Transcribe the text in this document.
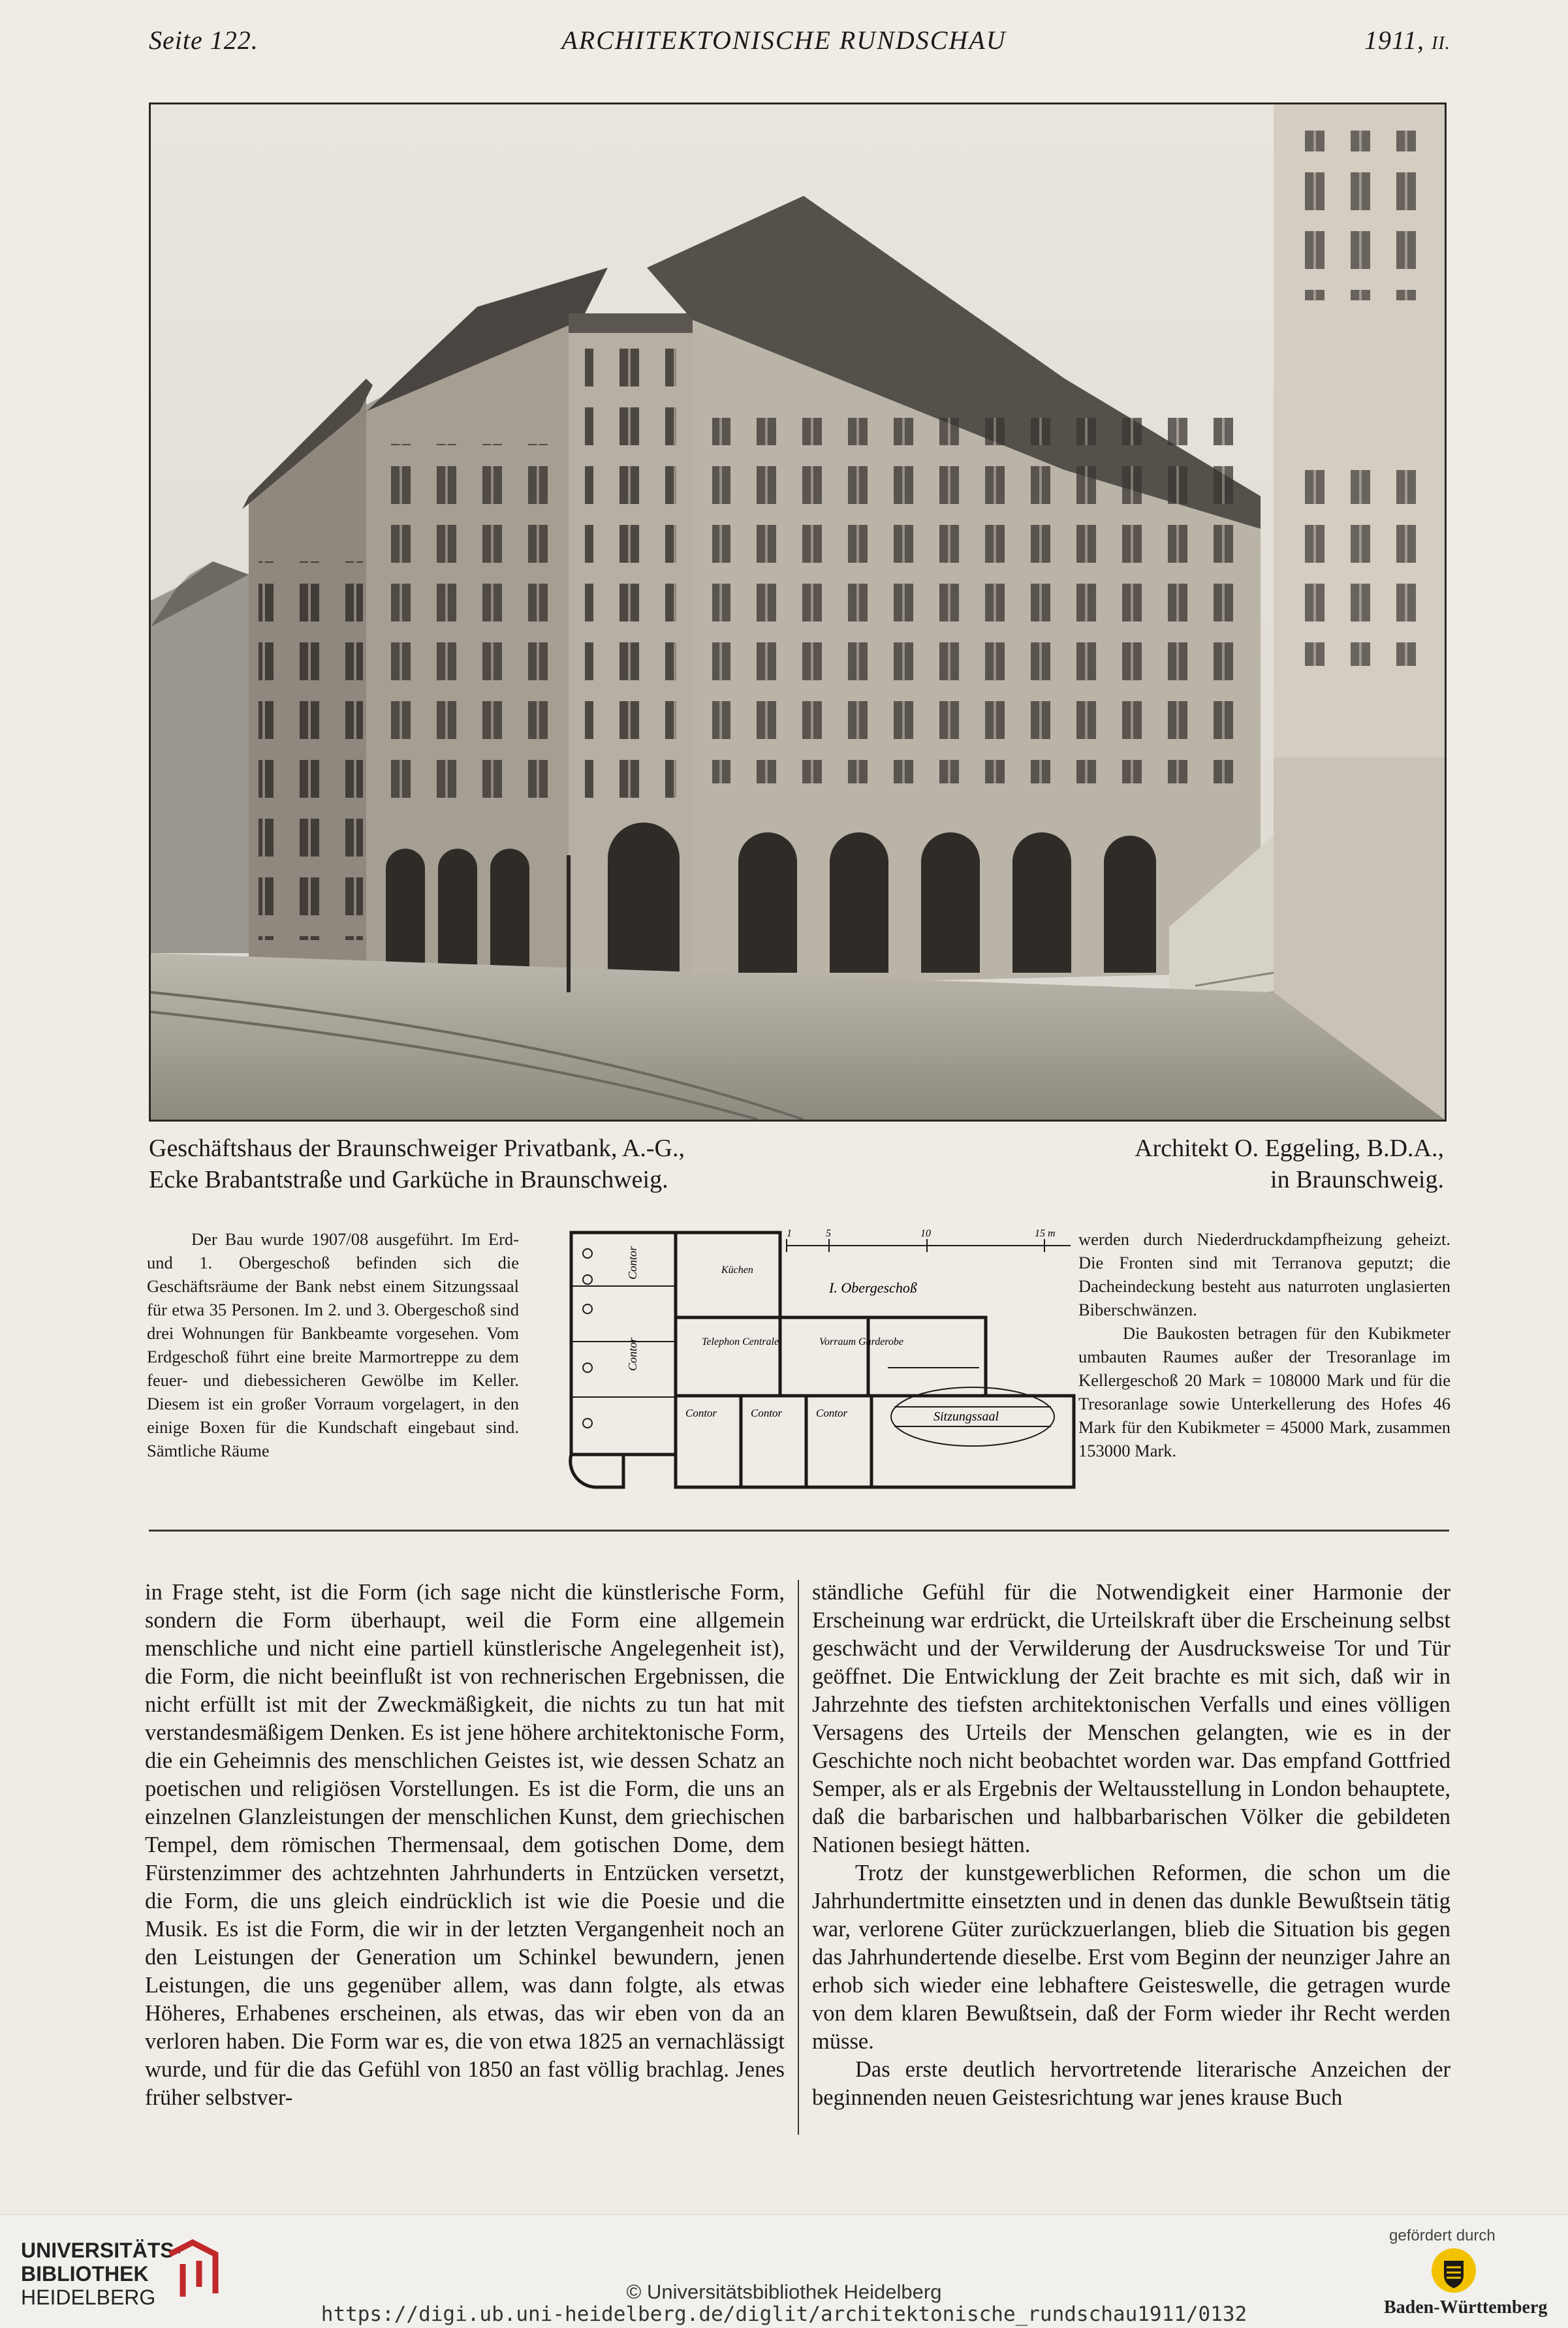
Seite 122.	ARCHITEKTONISCHE RUNDSCHAU	1911, II.
Geschäftshaus der Braunschweiger Privatbank, A.-G.,
Ecke Brabantstraße und Garküche in Braunschweig.
Architekt O. Eggeling, B.D.A.,
in Braunschweig.

Der Bau wurde 1907/08 ausgeführt. Im Erd- und 1. Obergeschoß befinden sich die Geschäftsräume der Bank nebst einem Sitzungssaal für etwa 35 Personen. Im 2. und 3. Obergeschoß sind drei Wohnungen für Bankbeamte vorgesehen. Vom Erdgeschoß führt eine breite Marmortreppe zu dem feuer- und diebessicheren Gewölbe im Keller. Diesem ist ein großer Vorraum vorgelagert, in den einige Boxen für die Kundschaft eingebaut sind. Sämtliche Räume

1	5	10	15 m
I. Obergeschoß
Contor
Contor
Küchen
Telephon Centrale	Vorraum Garderobe
Contor	Contor	Contor	Sitzungssaal

werden durch Niederdruckdampfheizung geheizt. Die Fronten sind mit Terranova geputzt; die Dacheindeckung besteht aus naturroten unglasierten Biberschwänzen.

Die Baukosten betragen für den Kubikmeter umbauten Raumes außer der Tresoranlage im Kellergeschoß 20 Mark = 108000 Mark und für die Tresoranlage sowie Unterkellerung des Hofes 46 Mark für den Kubikmeter = 45000 Mark, zusammen 153000 Mark.

in Frage steht, ist die Form (ich sage nicht die künstlerische Form, sondern die Form überhaupt, weil die Form eine allgemein menschliche und nicht eine partiell künstlerische Angelegenheit ist), die Form, die nicht beeinflußt ist von rechnerischen Ergebnissen, die nicht erfüllt ist mit der Zweckmäßigkeit, die nichts zu tun hat mit verstandesmäßigem Denken. Es ist jene höhere architektonische Form, die ein Geheimnis des menschlichen Geistes ist, wie dessen Schatz an poetischen und religiösen Vorstellungen. Es ist die Form, die uns an einzelnen Glanzleistungen der menschlichen Kunst, dem griechischen Tempel, dem römischen Thermensaal, dem gotischen Dome, dem Fürstenzimmer des achtzehnten Jahrhunderts in Entzücken versetzt, die Form, die uns gleich eindrücklich ist wie die Poesie und die Musik. Es ist die Form, die wir in der letzten Vergangenheit noch an den Leistungen der Generation um Schinkel bewundern, jenen Leistungen, die uns gegenüber allem, was dann folgte, als etwas Höheres, Erhabenes erscheinen, als etwas, das wir eben von da an verloren haben. Die Form war es, die von etwa 1825 an vernachlässigt wurde, und für die das Gefühl von 1850 an fast völlig brachlag. Jenes früher selbstver-

ständliche Gefühl für die Notwendigkeit einer Harmonie der Erscheinung war erdrückt, die Urteilskraft über die Erscheinung selbst geschwächt und der Verwilderung der Ausdrucksweise Tor und Tür geöffnet. Die Entwicklung der Zeit brachte es mit sich, daß wir in Jahrzehnte des tiefsten architektonischen Verfalls und eines völligen Versagens des Urteils der Menschen gelangten, wie es in der Geschichte noch nicht beobachtet worden war. Das empfand Gottfried Semper, als er als Ergebnis der Weltausstellung in London behauptete, daß die barbarischen und halbbarbarischen Völker die gebildeten Nationen besiegt hätten.

Trotz der kunstgewerblichen Reformen, die schon um die Jahrhundertmitte einsetzten und in denen das dunkle Bewußtsein tätig war, verlorene Güter zurückzuerlangen, blieb die Situation bis gegen das Jahrhundertende dieselbe. Erst vom Beginn der neunziger Jahre an erhob sich wieder eine lebhaftere Geisteswelle, die getragen wurde von dem klaren Bewußtsein, daß der Form wieder ihr Recht werden müsse.

Das erste deutlich hervortretende literarische Anzeichen der beginnenden neuen Geistesrichtung war jenes krause Buch

UNIVERSITÄTS-
BIBLIOTHEK
HEIDELBERG	© Universitätsbibliothek Heidelberg
https://digi.ub.uni-heidelberg.de/diglit/architektonische_rundschau1911/0132
gefördert durch
Baden-Württemberg
